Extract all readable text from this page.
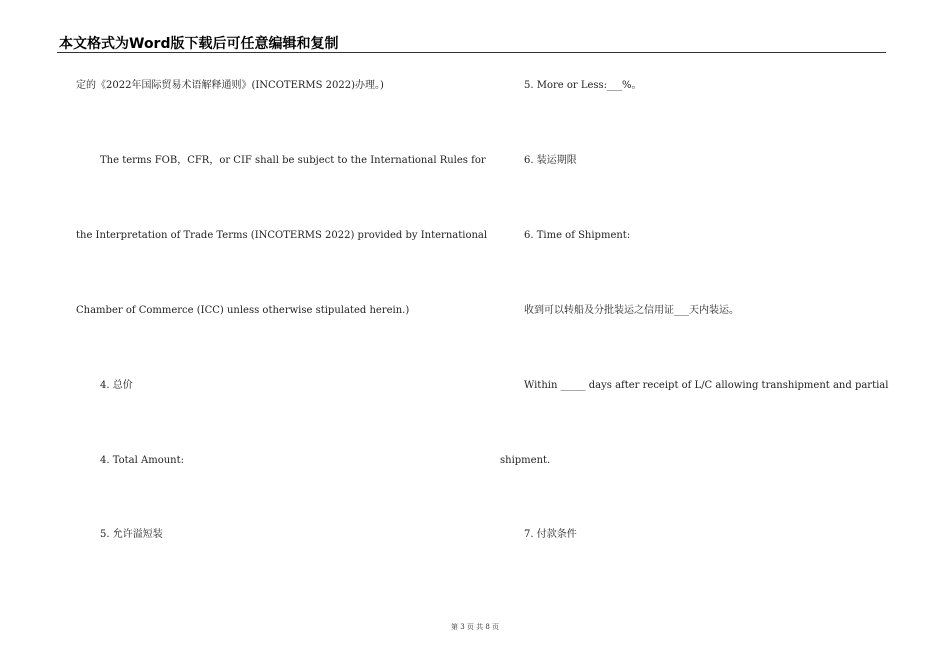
本文格式为Word版下载后可任意编辑和复制
定的《2022年国际贸易术语解释通则》(INCOTERMS 2022)办理。)
The terms FOB，CFR，or CIF shall be subject to the International Rules for
the Interpretation of Trade Terms (INCOTERMS 2022) provided by International
Chamber of Commerce (ICC) unless otherwise stipulated herein.)
4. 总价
4. Total Amount:
5. 允许溢短装
5. More or Less:___%。
6. 装运期限
6. Time of Shipment:
收到可以转船及分批装运之信用证___天内装运。
Within _____ days after receipt of L/C allowing transhipment and partial
shipment.
7. 付款条件
第 3 页 共 8 页
